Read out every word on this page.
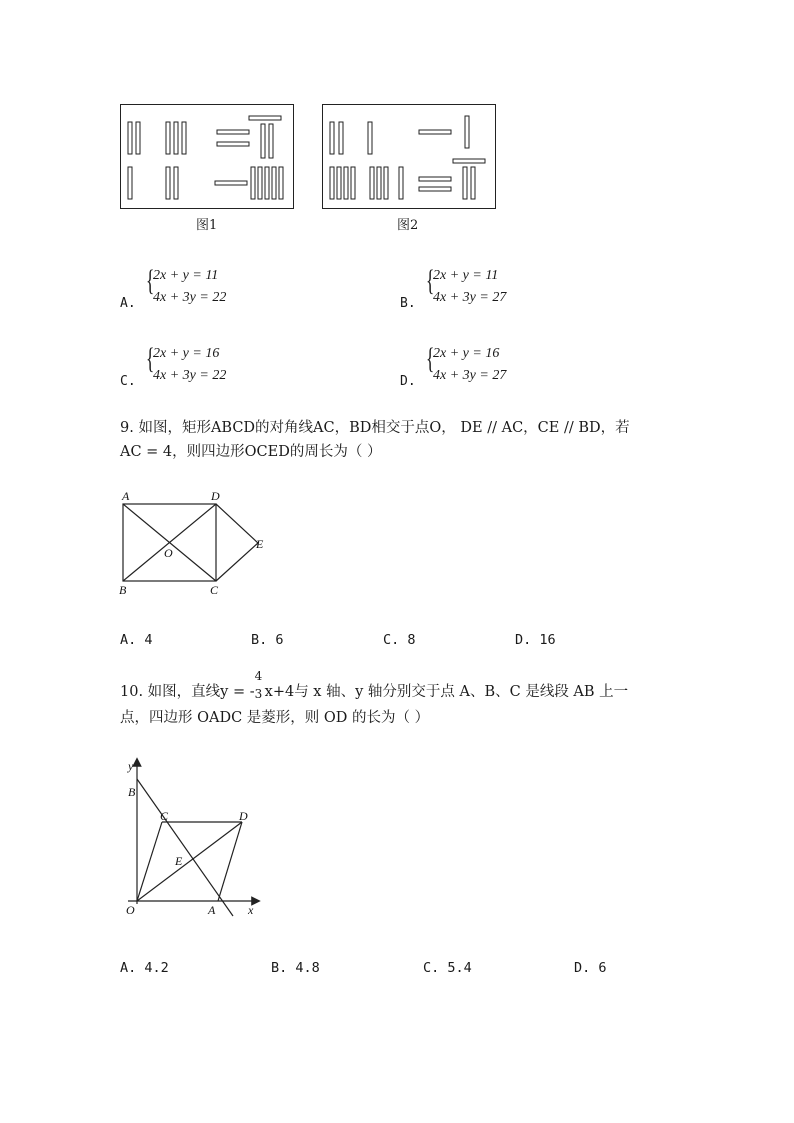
图1	图2
A.
{
2x + y = 11
4x + 3y = 22	B.
{
2x + y = 11
4x + 3y = 27
C.
{
2x + y = 16
4x + 3y = 22	D.
{
2x + y = 16
4x + 3y = 27
9. 如图，矩形ABCD的对角线AC，BD相交于点O， DE // AC，CE // BD，若
AC = 4，则四边形OCED的周长为（ ）
A	D
E
O
B	C
A. 4	B. 6	C. 8	D. 16
10. 如图，直线y = -
4
3 x+4与 x 轴、y 轴分别交于点 A、B、C 是线段 AB 上一
点，四边形 OADC 是菱形，则 OD 的长为（ ）
y
B
C	D
E
O	A	x
A. 4.2	B. 4.8	C. 5.4	D. 6
